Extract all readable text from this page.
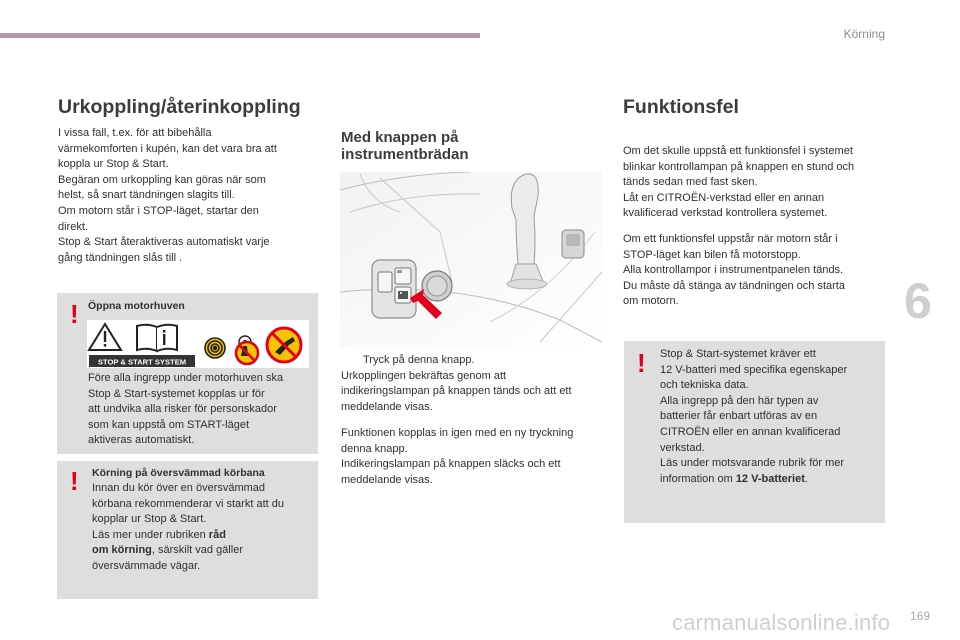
Körning
6
Urkoppling/återinkoppling
I vissa fall, t.ex. för att bibehålla
värmekomforten i kupén, kan det vara bra att
koppla ur Stop & Start.
Begäran om urkoppling kan göras när som
helst, så snart tändningen slagits till.
Om motorn står i STOP-läget, startar den
direkt.
Stop & Start återaktiveras automatiskt varje
gång tändningen slås till .
! Öppna motorhuven
STOP & START SYSTEM
Före alla ingrepp under motorhuven ska
Stop & Start-systemet kopplas ur för
att undvika alla risker för personskador
som kan uppstå om START-läget
aktiveras automatiskt.
! Körning på översvämmad körbana
Innan du kör över en översvämmad
körbana rekommenderar vi starkt att du
kopplar ur Stop & Start.
Läs mer under rubriken råd
om körning, särskilt vad gäller
översvämmade vägar.
Med knappen på
instrumentbrädan
Tryck på denna knapp.
Urkopplingen bekräftas genom att
indikeringslampan på knappen tänds och att ett
meddelande visas.
Funktionen kopplas in igen med en ny tryckning
denna knapp.
Indikeringslampan på knappen släcks och ett
meddelande visas.
Funktionsfel
Om det skulle uppstå ett funktionsfel i systemet
blinkar kontrollampan på knappen en stund och
tänds sedan med fast sken.
Låt en CITROËN-verkstad eller en annan
kvalificerad verkstad kontrollera systemet.
Om ett funktionsfel uppstår när motorn står i
STOP-läget kan bilen få motorstopp.
Alla kontrollampor i instrumentpanelen tänds.
Du måste då stänga av tändningen och starta
om motorn.
! Stop & Start-systemet kräver ett
12 V-batteri med specifika egenskaper
och tekniska data.
Alla ingrepp på den här typen av
batterier får enbart utföras av en
CITROËN eller en annan kvalificerad
verkstad.
Läs under motsvarande rubrik för mer
information om 12 V-batteriet.
carmanualsonline.info 169
